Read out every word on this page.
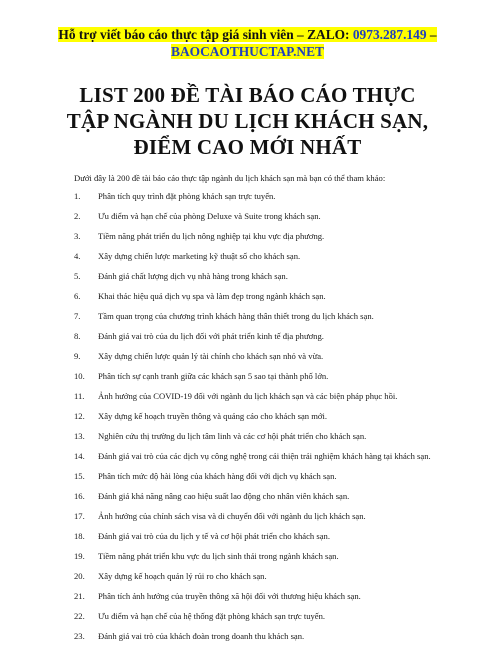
Hỗ trợ viết báo cáo thực tập giá sinh viên – ZALO: 0973.287.149 –
BAOCAOTHUCTAP.NET
LIST 200 ĐỀ TÀI BÁO CÁO THỰC
TẬP NGÀNH DU LỊCH KHÁCH SẠN,
ĐIỂM CAO MỚI NHẤT
Dưới đây là 200 đề tài báo cáo thực tập ngành du lịch khách sạn mà bạn có thể tham khảo:
1. Phân tích quy trình đặt phòng khách sạn trực tuyến.
2. Ưu điểm và hạn chế của phòng Deluxe và Suite trong khách sạn.
3. Tiềm năng phát triển du lịch nông nghiệp tại khu vực địa phương.
4. Xây dựng chiến lược marketing kỹ thuật số cho khách sạn.
5. Đánh giá chất lượng dịch vụ nhà hàng trong khách sạn.
6. Khai thác hiệu quả dịch vụ spa và làm đẹp trong ngành khách sạn.
7. Tầm quan trọng của chương trình khách hàng thân thiết trong du lịch khách sạn.
8. Đánh giá vai trò của du lịch đối với phát triển kinh tế địa phương.
9. Xây dựng chiến lược quản lý tài chính cho khách sạn nhỏ và vừa.
10. Phân tích sự cạnh tranh giữa các khách sạn 5 sao tại thành phố lớn.
11. Ảnh hưởng của COVID-19 đối với ngành du lịch khách sạn và các biện pháp phục hồi.
12. Xây dựng kế hoạch truyền thông và quảng cáo cho khách sạn mới.
13. Nghiên cứu thị trường du lịch tâm linh và các cơ hội phát triển cho khách sạn.
14. Đánh giá vai trò của các dịch vụ công nghệ trong cải thiện trải nghiệm khách hàng tại khách sạn.
15. Phân tích mức độ hài lòng của khách hàng đối với dịch vụ khách sạn.
16. Đánh giá khả năng nâng cao hiệu suất lao động cho nhân viên khách sạn.
17. Ảnh hưởng của chính sách visa và di chuyển đối với ngành du lịch khách sạn.
18. Đánh giá vai trò của du lịch y tế và cơ hội phát triển cho khách sạn.
19. Tiềm năng phát triển khu vực du lịch sinh thái trong ngành khách sạn.
20. Xây dựng kế hoạch quản lý rủi ro cho khách sạn.
21. Phân tích ảnh hưởng của truyền thông xã hội đối với thương hiệu khách sạn.
22. Ưu điểm và hạn chế của hệ thống đặt phòng khách sạn trực tuyến.
23. Đánh giá vai trò của khách đoàn trong doanh thu khách sạn.
